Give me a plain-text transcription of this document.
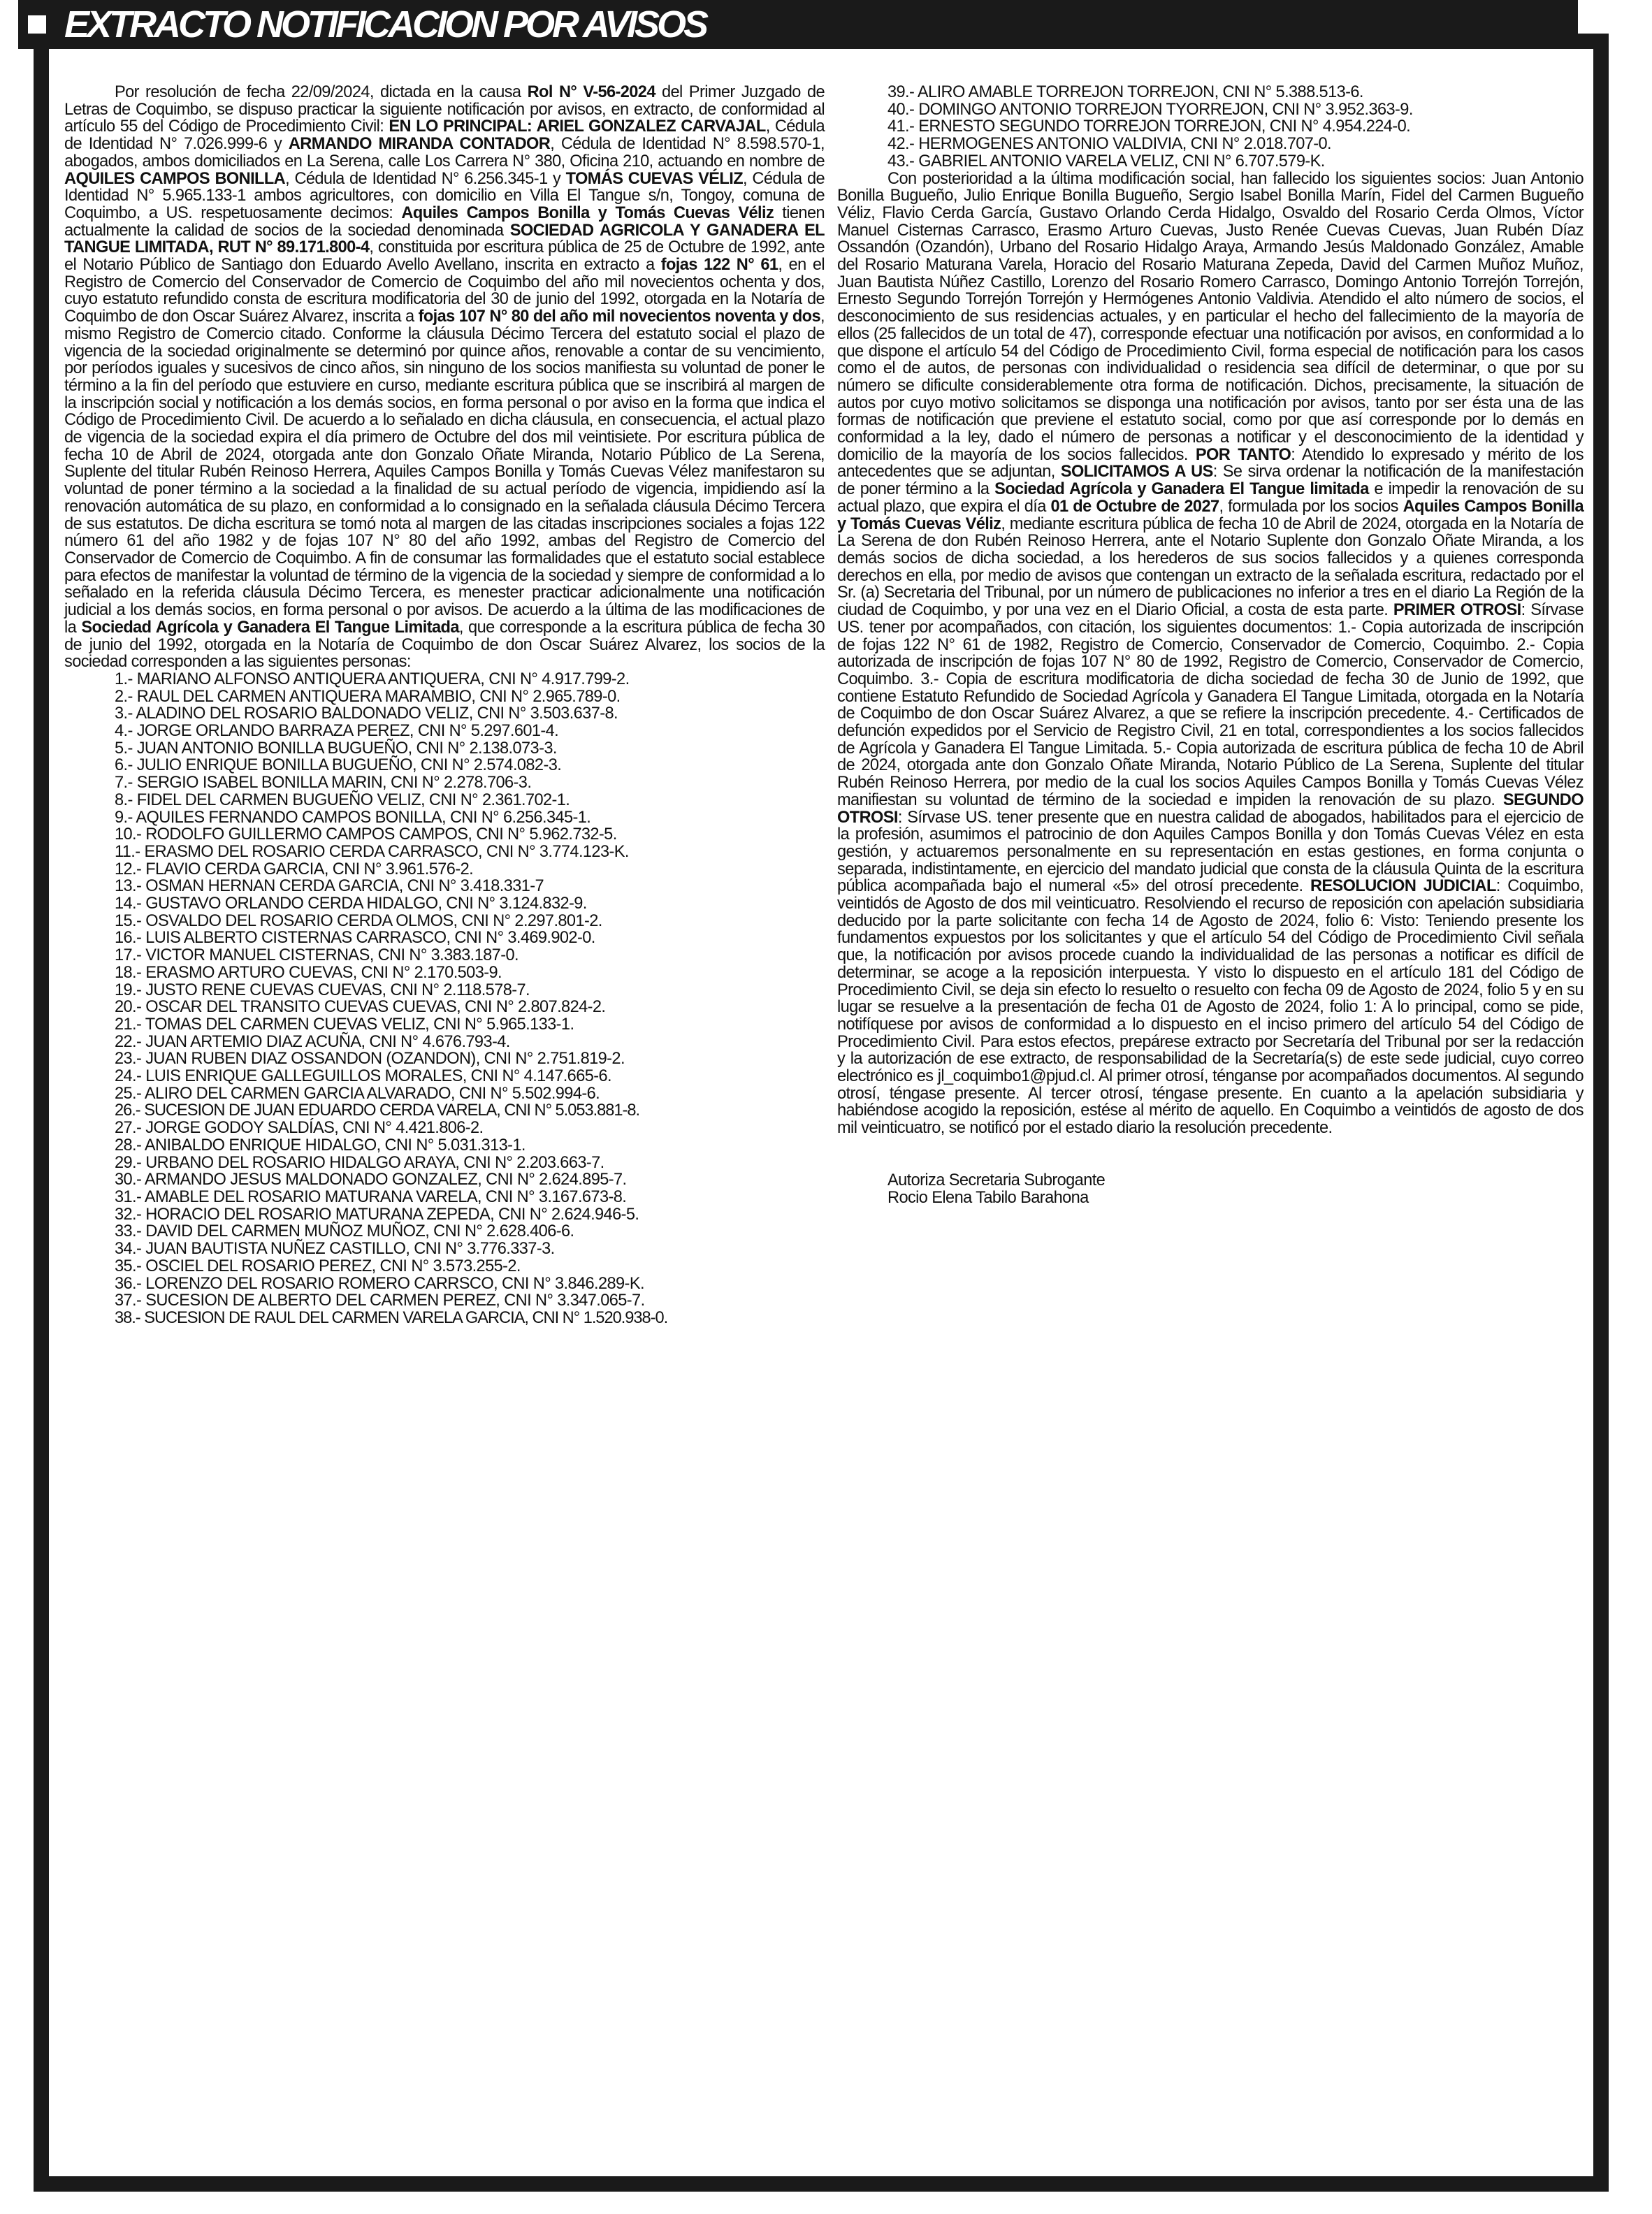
EXTRACTO NOTIFICACION POR AVISOS

Por resolución de fecha 22/09/2024, dictada en la causa Rol N° V-56-2024 del Primer Juzgado de Letras de Coquimbo, se dispuso practicar la siguiente notificación por avisos, en extracto, de conformidad al artículo 55 del Código de Procedimiento Civil: EN LO PRINCIPAL: ARIEL GONZALEZ CARVAJAL, Cédula de Identidad N° 7.026.999-6 y ARMANDO MIRANDA CONTADOR, Cédula de Identidad N° 8.598.570-1, abogados, ambos domiciliados en La Serena, calle Los Carrera N° 380, Oficina 210, actuando en nombre de AQUILES CAMPOS BONILLA, Cédula de Identidad N° 6.256.345-1 y TOMÁS CUEVAS VÉLIZ, Cédula de Identidad N° 5.965.133-1 ambos agricultores, con domicilio en Villa El Tangue s/n, Tongoy, comuna de Coquimbo, a US. respetuosamente decimos: Aquiles Campos Bonilla y Tomás Cuevas Véliz tienen actualmente la calidad de socios de la sociedad denominada SOCIEDAD AGRICOLA Y GANADERA EL TANGUE LIMITADA, RUT N° 89.171.800-4, constituida por escritura pública de 25 de Octubre de 1992, ante el Notario Público de Santiago don Eduardo Avello Avellano, inscrita en extracto a fojas 122 N° 61, en el Registro de Comercio del Conservador de Comercio de Coquimbo del año mil novecientos ochenta y dos, cuyo estatuto refundido consta de escritura modificatoria del 30 de junio del 1992, otorgada en la Notaría de Coquimbo de don Oscar Suárez Alvarez, inscrita a fojas 107 N° 80 del año mil novecientos noventa y dos, mismo Registro de Comercio citado. Conforme la cláusula Décimo Tercera del estatuto social el plazo de vigencia de la sociedad originalmente se determinó por quince años, renovable a contar de su vencimiento, por períodos iguales y sucesivos de cinco años, sin ninguno de los socios manifiesta su voluntad de poner le término a la fin del período que estuviere en curso, mediante escritura pública que se inscribirá al margen de la inscripción social y notificación a los demás socios, en forma personal o por aviso en la forma que indica el Código de Procedimiento Civil. De acuerdo a lo señalado en dicha cláusula, en consecuencia, el actual plazo de vigencia de la sociedad expira el día primero de Octubre del dos mil veintisiete. Por escritura pública de fecha 10 de Abril de 2024, otorgada ante don Gonzalo Oñate Miranda, Notario Público de La Serena, Suplente del titular Rubén Reinoso Herrera, Aquiles Campos Bonilla y Tomás Cuevas Vélez manifestaron su voluntad de poner término a la sociedad a la finalidad de su actual período de vigencia, impidiendo así la renovación automática de su plazo, en conformidad a lo consignado en la señalada cláusula Décimo Tercera de sus estatutos. De dicha escritura se tomó nota al margen de las citadas inscripciones sociales a fojas 122 número 61 del año 1982 y de fojas 107 N° 80 del año 1992, ambas del Registro de Comercio del Conservador de Comercio de Coquimbo. A fin de consumar las formalidades que el estatuto social establece para efectos de manifestar la voluntad de término de la vigencia de la sociedad y siempre de conformidad a lo señalado en la referida cláusula Décimo Tercera, es menester practicar adicionalmente una notificación judicial a los demás socios, en forma personal o por avisos. De acuerdo a la última de las modificaciones de la Sociedad Agrícola y Ganadera El Tangue Limitada, que corresponde a la escritura pública de fecha 30 de junio del 1992, otorgada en la Notaría de Coquimbo de don Oscar Suárez Alvarez, los socios de la sociedad corresponden a las siguientes personas:

1.- MARIANO ALFONSO ANTIQUERA ANTIQUERA, CNI N° 4.917.799-2.
2.- RAUL DEL CARMEN ANTIQUERA MARAMBIO, CNI N° 2.965.789-0.
3.- ALADINO DEL ROSARIO BALDONADO VELIZ, CNI N° 3.503.637-8.
4.- JORGE ORLANDO BARRAZA PEREZ, CNI N° 5.297.601-4.
5.- JUAN ANTONIO BONILLA BUGUEÑO, CNI N° 2.138.073-3.
6.- JULIO ENRIQUE BONILLA BUGUEÑO, CNI N° 2.574.082-3.
7.- SERGIO ISABEL BONILLA MARIN, CNI N° 2.278.706-3.
8.- FIDEL DEL CARMEN BUGUEÑO VELIZ, CNI N° 2.361.702-1.
9.- AQUILES FERNANDO CAMPOS BONILLA, CNI N° 6.256.345-1.
10.- RODOLFO GUILLERMO CAMPOS CAMPOS, CNI N° 5.962.732-5.
11.- ERASMO DEL ROSARIO CERDA CARRASCO, CNI N° 3.774.123-K.
12.- FLAVIO CERDA GARCIA, CNI N° 3.961.576-2.
13.- OSMAN HERNAN CERDA GARCIA, CNI N° 3.418.331-7
14.- GUSTAVO ORLANDO CERDA HIDALGO, CNI N° 3.124.832-9.
15.- OSVALDO DEL ROSARIO CERDA OLMOS, CNI N° 2.297.801-2.
16.- LUIS ALBERTO CISTERNAS CARRASCO, CNI N° 3.469.902-0.
17.- VICTOR MANUEL CISTERNAS, CNI N° 3.383.187-0.
18.- ERASMO ARTURO CUEVAS, CNI N° 2.170.503-9.
19.- JUSTO RENE CUEVAS CUEVAS, CNI N° 2.118.578-7.
20.- OSCAR DEL TRANSITO CUEVAS CUEVAS, CNI N° 2.807.824-2.
21.- TOMAS DEL CARMEN CUEVAS VELIZ, CNI N° 5.965.133-1.
22.- JUAN ARTEMIO DIAZ ACUÑA, CNI N° 4.676.793-4.
23.- JUAN RUBEN DIAZ OSSANDON (OZANDON), CNI N° 2.751.819-2.
24.- LUIS ENRIQUE GALLEGUILLOS MORALES, CNI N° 4.147.665-6.
25.- ALIRO DEL CARMEN GARCIA ALVARADO, CNI N° 5.502.994-6.
26.- SUCESION DE JUAN EDUARDO CERDA VARELA, CNI N° 5.053.881-8.
27.- JORGE GODOY SALDÍAS, CNI N° 4.421.806-2.
28.- ANIBALDO ENRIQUE HIDALGO, CNI N° 5.031.313-1.
29.- URBANO DEL ROSARIO HIDALGO ARAYA, CNI N° 2.203.663-7.
30.- ARMANDO JESUS MALDONADO GONZALEZ, CNI N° 2.624.895-7.
31.- AMABLE DEL ROSARIO MATURANA VARELA, CNI N° 3.167.673-8.
32.- HORACIO DEL ROSARIO MATURANA ZEPEDA, CNI N° 2.624.946-5.
33.- DAVID DEL CARMEN MUÑOZ MUÑOZ, CNI N° 2.628.406-6.
34.- JUAN BAUTISTA NUÑEZ CASTILLO, CNI N° 3.776.337-3.
35.- OSCIEL DEL ROSARIO PEREZ, CNI N° 3.573.255-2.
36.- LORENZO DEL ROSARIO ROMERO CARRSCO, CNI N° 3.846.289-K.
37.- SUCESION DE ALBERTO DEL CARMEN PEREZ, CNI N° 3.347.065-7.
38.- SUCESION DE RAUL DEL CARMEN VARELA GARCIA, CNI N° 1.520.938-0.
39.- ALIRO AMABLE TORREJON TORREJON, CNI N° 5.388.513-6.
40.- DOMINGO ANTONIO TORREJON TYORREJON, CNI N° 3.952.363-9.
41.- ERNESTO SEGUNDO TORREJON TORREJON, CNI N° 4.954.224-0.
42.- HERMOGENES ANTONIO VALDIVIA, CNI N° 2.018.707-0.
43.- GABRIEL ANTONIO VARELA VELIZ, CNI N° 6.707.579-K.

Con posterioridad a la última modificación social, han fallecido los siguientes socios: Juan Antonio Bonilla Bugueño, Julio Enrique Bonilla Bugueño, Sergio Isabel Bonilla Marín, Fidel del Carmen Bugueño Véliz, Flavio Cerda García, Gustavo Orlando Cerda Hidalgo, Osvaldo del Rosario Cerda Olmos, Víctor Manuel Cisternas Carrasco, Erasmo Arturo Cuevas, Justo Renée Cuevas Cuevas, Juan Rubén Díaz Ossandón (Ozandón), Urbano del Rosario Hidalgo Araya, Armando Jesús Maldonado González, Amable del Rosario Maturana Varela, Horacio del Rosario Maturana Zepeda, David del Carmen Muñoz Muñoz, Juan Bautista Núñez Castillo, Lorenzo del Rosario Romero Carrasco, Domingo Antonio Torrejón Torrejón, Ernesto Segundo Torrejón Torrejón y Hermógenes Antonio Valdivia. Atendido el alto número de socios, el desconocimiento de sus residencias actuales, y en particular el hecho del fallecimiento de la mayoría de ellos (25 fallecidos de un total de 47), corresponde efectuar una notificación por avisos, en conformidad a lo que dispone el artículo 54 del Código de Procedimiento Civil, forma especial de notificación para los casos como el de autos, de personas con individualidad o residencia sea difícil de determinar, o que por su número se dificulte considerablemente otra forma de notificación. Dichos, precisamente, la situación de autos por cuyo motivo solicitamos se disponga una notificación por avisos, tanto por ser ésta una de las formas de notificación que previene el estatuto social, como por que así corresponde por lo demás en conformidad a la ley, dado el número de personas a notificar y el desconocimiento de la identidad y domicilio de la mayoría de los socios fallecidos. POR TANTO: Atendido lo expresado y mérito de los antecedentes que se adjuntan, SOLICITAMOS A US: Se sirva ordenar la notificación de la manifestación de poner término a la Sociedad Agrícola y Ganadera El Tangue limitada e impedir la renovación de su actual plazo, que expira el día 01 de Octubre de 2027, formulada por los socios Aquiles Campos Bonilla y Tomás Cuevas Véliz, mediante escritura pública de fecha 10 de Abril de 2024, otorgada en la Notaría de La Serena de don Rubén Reinoso Herrera, ante el Notario Suplente don Gonzalo Oñate Miranda, a los demás socios de dicha sociedad, a los herederos de sus socios fallecidos y a quienes corresponda derechos en ella, por medio de avisos que contengan un extracto de la señalada escritura, redactado por el Sr. (a) Secretaria del Tribunal, por un número de publicaciones no inferior a tres en el diario La Región de la ciudad de Coquimbo, y por una vez en el Diario Oficial, a costa de esta parte. PRIMER OTROSI: Sírvase US. tener por acompañados, con citación, los siguientes documentos: 1.- Copia autorizada de inscripción de fojas 122 N° 61 de 1982, Registro de Comercio, Conservador de Comercio, Coquimbo. 2.- Copia autorizada de inscripción de fojas 107 N° 80 de 1992, Registro de Comercio, Conservador de Comercio, Coquimbo. 3.- Copia de escritura modificatoria de dicha sociedad de fecha 30 de Junio de 1992, que contiene Estatuto Refundido de Sociedad Agrícola y Ganadera El Tangue Limitada, otorgada en la Notaría de Coquimbo de don Oscar Suárez Alvarez, a que se refiere la inscripción precedente. 4.- Certificados de defunción expedidos por el Servicio de Registro Civil, 21 en total, correspondientes a los socios fallecidos de Agrícola y Ganadera El Tangue Limitada. 5.- Copia autorizada de escritura pública de fecha 10 de Abril de 2024, otorgada ante don Gonzalo Oñate Miranda, Notario Público de La Serena, Suplente del titular Rubén Reinoso Herrera, por medio de la cual los socios Aquiles Campos Bonilla y Tomás Cuevas Vélez manifiestan su voluntad de término de la sociedad e impiden la renovación de su plazo. SEGUNDO OTROSI: Sírvase US. tener presente que en nuestra calidad de abogados, habilitados para el ejercicio de la profesión, asumimos el patrocinio de don Aquiles Campos Bonilla y don Tomás Cuevas Vélez en esta gestión, y actuaremos personalmente en su representación en estas gestiones, en forma conjunta o separada, indistintamente, en ejercicio del mandato judicial que consta de la cláusula Quinta de la escritura pública acompañada bajo el numeral «5» del otrosí precedente. RESOLUCION JUDICIAL: Coquimbo, veintidós de Agosto de dos mil veinticuatro. Resolviendo el recurso de reposición con apelación subsidiaria deducido por la parte solicitante con fecha 14 de Agosto de 2024, folio 6: Visto: Teniendo presente los fundamentos expuestos por los solicitantes y que el artículo 54 del Código de Procedimiento Civil señala que, la notificación por avisos procede cuando la individualidad de las personas a notificar es difícil de determinar, se acoge a la reposición interpuesta. Y visto lo dispuesto en el artículo 181 del Código de Procedimiento Civil, se deja sin efecto lo resuelto o resuelto con fecha 09 de Agosto de 2024, folio 5 y en su lugar se resuelve a la presentación de fecha 01 de Agosto de 2024, folio 1: A lo principal, como se pide, notifíquese por avisos de conformidad a lo dispuesto en el inciso primero del artículo 54 del Código de Procedimiento Civil. Para estos efectos, prepárese extracto por Secretaría del Tribunal por ser la redacción y la autorización de ese extracto, de responsabilidad de la Secretaría(s) de este sede judicial, cuyo correo electrónico es jl_coquimbo1@pjud.cl. Al primer otrosí, ténganse por acompañados documentos. Al segundo otrosí, téngase presente. Al tercer otrosí, téngase presente. En cuanto a la apelación subsidiaria y habiéndose acogido la reposición, estése al mérito de aquello. En Coquimbo a veintidós de agosto de dos mil veinticuatro, se notificó por el estado diario la resolución precedente.

Autoriza Secretaria Subrogante
Rocio Elena Tabilo Barahona
